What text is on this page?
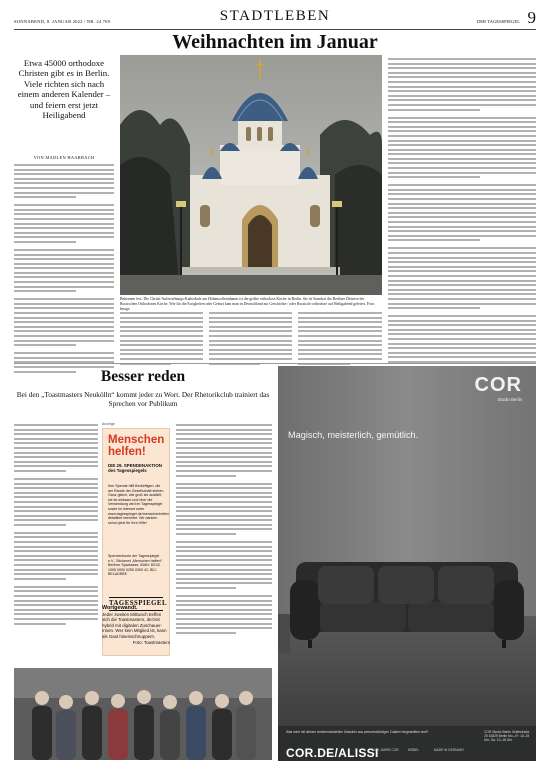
SONNABEND, 8. JANUAR 2022 / NR. 24 769	STADTLEBEN	DER TAGESSPIEGEL 9
Weihnachten im Januar
Etwa 45000 orthodoxe Christen gibt es in Berlin. Viele richten sich nach einem anderen Kalender – und feiern erst jetzt Heiligabend
VON MADLEN HAARBACH
Bekennen fest. Die Christi-Auferstehungs-Kathedrale am Hohenzollerndamm ist die größte orthodoxe Kirche in Berlin. Sie ist Standort der Berliner Diözese der Russischen Orthodoxen Kirche. Wie für die Ewigkeiten oder Geburt kam man in Deutschland zur Geschichte / oder Russisch-orthodoxe auf Heiligabend gefeiert. Foto: Imago
Besser reden
Bei den „Toastmasters Neukölln“ kommt jeder zu Wort. Der Rhetorikclub trainiert das Sprechen vor Publikum
Anzeige
Menschen helfen!
DIE 29. SPENDENAKTION des Tagesspiegels
Ihre Spende hilft Bedürftigen, die am Rande der Gesellschaft stehen. Ganz gleich, wie groß sie ausfällt, sie ist wirksam und über die Verwendung wird im Tagesspiegel sowie im Internet unter www.tagesspiegel.de/menschenhelfen detailliert berichtet. Wir danken schon jetzt für Ihre Hilfe!
Spendenkonto der Tagesspiegel e.V., Stichwort „Menschen helfen!“ Berliner Sparkasse, IBAN: DE43 1005 0000 0250 0309 42, BIC: BELADEBE
TAGESSPIEGEL
Wortgewandt.
Jeder zweiten Mittwoch treffen sich die Toastmasters, derzeit hybrid mit digitalen Zuschauer-Innen. Wer kein Mitglied ist, kann als Gast hineinschnuppern.
Foto: Toastmasters
COR
Studio Berlin
Magisch, meisterlich, gemütlich.
Was mich mit diesem weiterentwickelten Klassiker aus preisverdächtigen Zutaten hergestellten wird?
COR.DE/ALISSI
100 JAHRE COR	MÖBEL	MADE IN GERMANY
COR Studio Berlin Gräfestraße 25 10829 Berlin Mo.–Fr. 10–19 Uhr, Sa. 10–18 Uhr
